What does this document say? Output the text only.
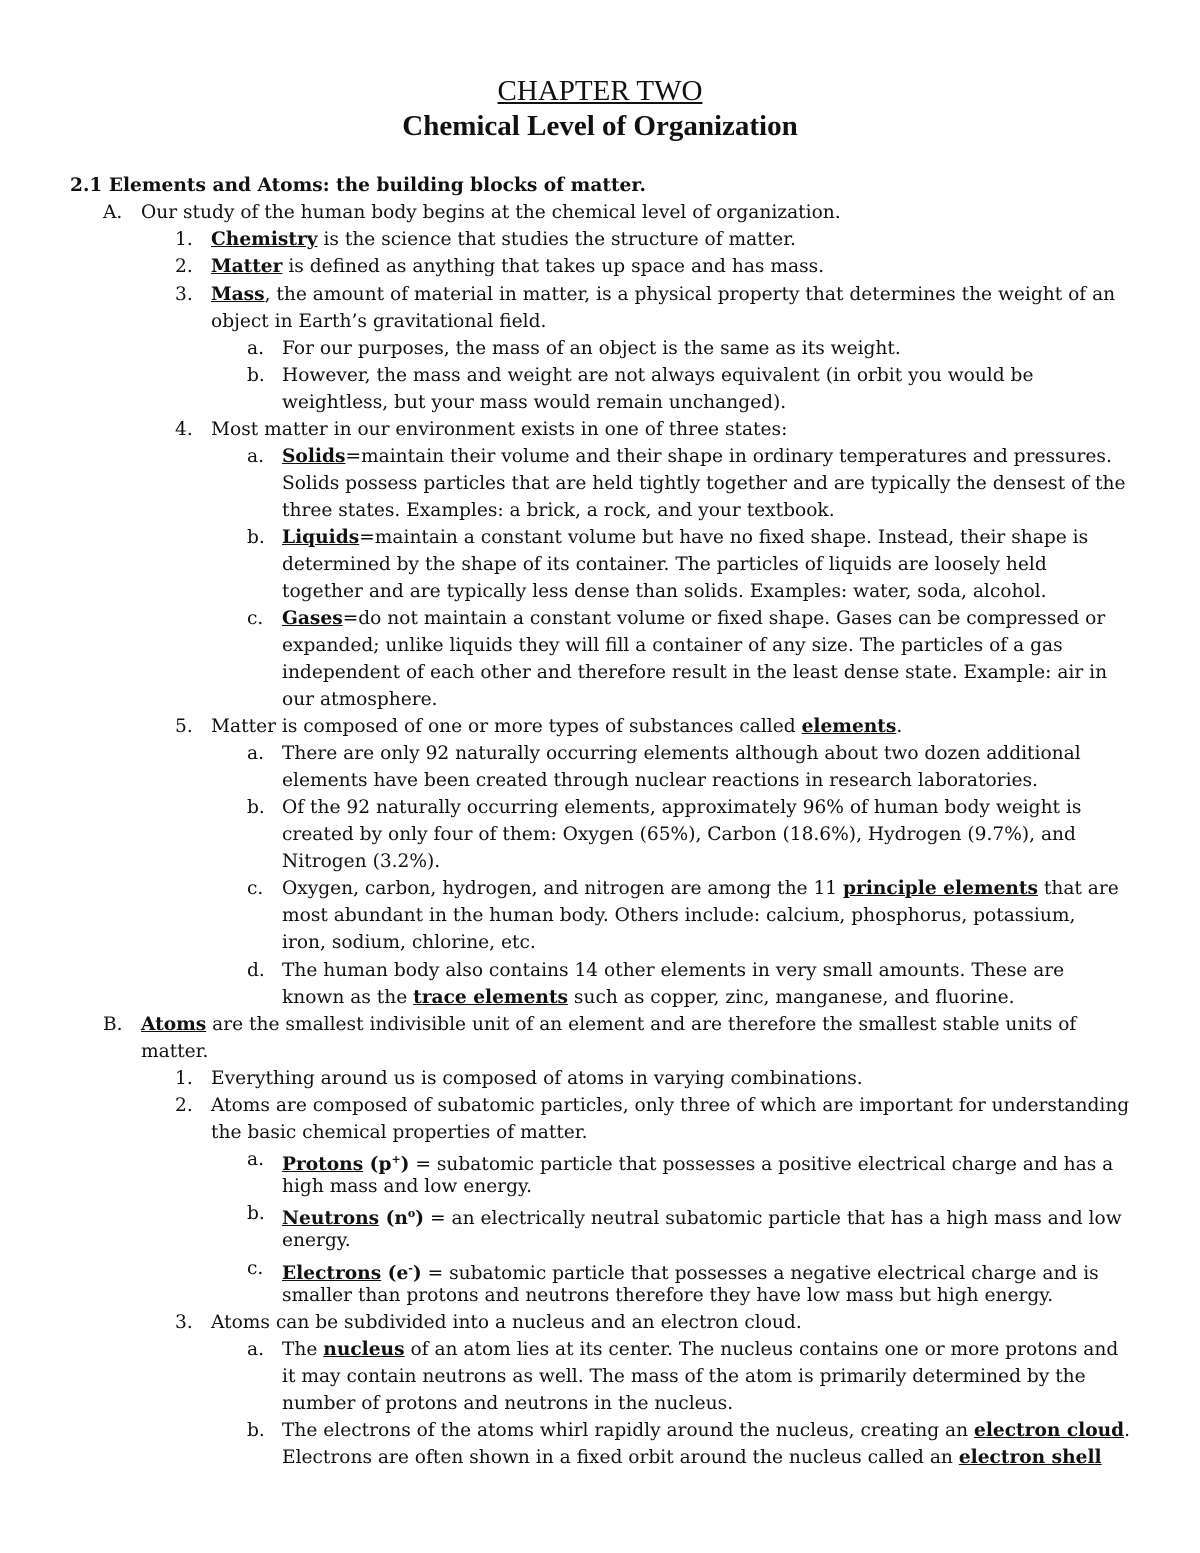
CHAPTER TWO
Chemical Level of Organization
2.1 Elements and Atoms: the building blocks of matter.
A. Our study of the human body begins at the chemical level of organization.
1. Chemistry is the science that studies the structure of matter.
2. Matter is defined as anything that takes up space and has mass.
3. Mass, the amount of material in matter, is a physical property that determines the weight of an
object in Earth’s gravitational field.
a. For our purposes, the mass of an object is the same as its weight.
b. However, the mass and weight are not always equivalent (in orbit you would be
weightless, but your mass would remain unchanged).
4. Most matter in our environment exists in one of three states:
a. Solids=maintain their volume and their shape in ordinary temperatures and pressures.
Solids possess particles that are held tightly together and are typically the densest of the
three states. Examples: a brick, a rock, and your textbook.
b. Liquids=maintain a constant volume but have no fixed shape. Instead, their shape is
determined by the shape of its container. The particles of liquids are loosely held
together and are typically less dense than solids. Examples: water, soda, alcohol.
c. Gases=do not maintain a constant volume or fixed shape. Gases can be compressed or
expanded; unlike liquids they will fill a container of any size. The particles of a gas
independent of each other and therefore result in the least dense state. Example: air in
our atmosphere.
5. Matter is composed of one or more types of substances called elements.
a. There are only 92 naturally occurring elements although about two dozen additional
elements have been created through nuclear reactions in research laboratories.
b. Of the 92 naturally occurring elements, approximately 96% of human body weight is
created by only four of them: Oxygen (65%), Carbon (18.6%), Hydrogen (9.7%), and
Nitrogen (3.2%).
c. Oxygen, carbon, hydrogen, and nitrogen are among the 11 principle elements that are
most abundant in the human body. Others include: calcium, phosphorus, potassium,
iron, sodium, chlorine, etc.
d. The human body also contains 14 other elements in very small amounts. These are
known as the trace elements such as copper, zinc, manganese, and fluorine.
B. Atoms are the smallest indivisible unit of an element and are therefore the smallest stable units of
matter.
1. Everything around us is composed of atoms in varying combinations.
2. Atoms are composed of subatomic particles, only three of which are important for understanding
the basic chemical properties of matter.
a. Protons (p+) = subatomic particle that possesses a positive electrical charge and has a
high mass and low energy.
b. Neutrons $(n^o)$ = an electrically neutral subatomic particle that has a high mass and low
energy.
c. Electrons (e-) = subatomic particle that possesses a negative electrical charge and is
smaller than protons and neutrons therefore they have low mass but high energy.
3. Atoms can be subdivided into a nucleus and an electron cloud.
a. The nucleus of an atom lies at its center. The nucleus contains one or more protons and
it may contain neutrons as well. The mass of the atom is primarily determined by the
number of protons and neutrons in the nucleus.
b. The electrons of the atoms whirl rapidly around the nucleus, creating an electron cloud.
Electrons are often shown in a fixed orbit around the nucleus called an electron shell
